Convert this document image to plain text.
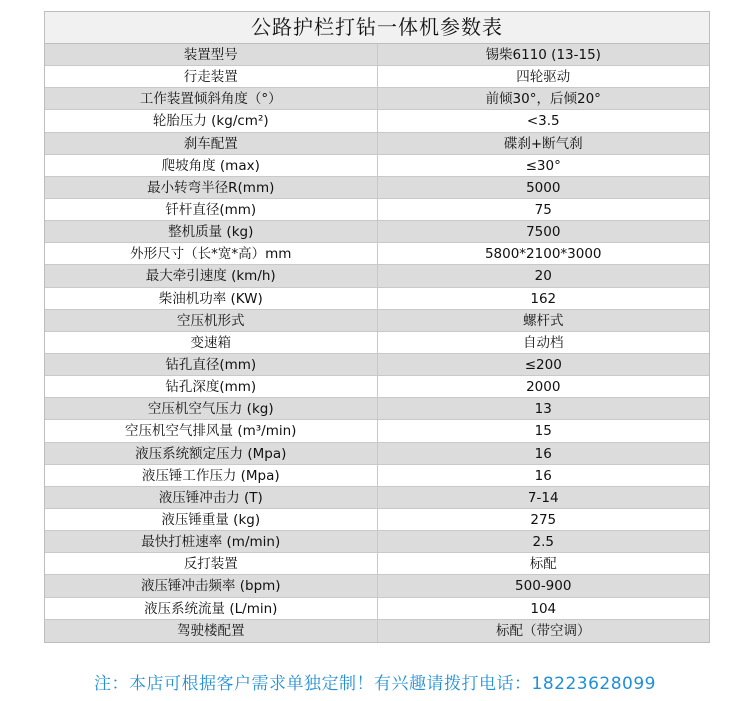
公路护栏打钻一体机参数表
装置型号	锡柴6110 (13-15)
行走装置	四轮驱动
工作装置倾斜角度（°）	前倾30°，后倾20°
轮胎压力 (kg/cm²)	<3.5
刹车配置	碟刹+断气刹
爬坡角度 (max)	≤30°
最小转弯半径R(mm)	5000
钎杆直径(mm)	75
整机质量 (kg)	7500
外形尺寸（长*宽*高）mm	5800*2100*3000
最大牵引速度 (km/h)	20
柴油机功率 (KW)	162
空压机形式	螺杆式
变速箱	自动档
钻孔直径(mm)	≤200
钻孔深度(mm)	2000
空压机空气压力 (kg)	13
空压机空气排风量 (m³/min)	15
液压系统额定压力 (Mpa)	16
液压锤工作压力 (Mpa)	16
液压锤冲击力 (T)	7-14
液压锤重量 (kg)	275
最快打桩速率 (m/min)	2.5
反打装置	标配
液压锤冲击频率 (bpm)	500-900
液压系统流量 (L/min)	104
驾驶楼配置	标配（带空调）
注：本店可根据客户需求单独定制！有兴趣请拨打电话：18223628099
